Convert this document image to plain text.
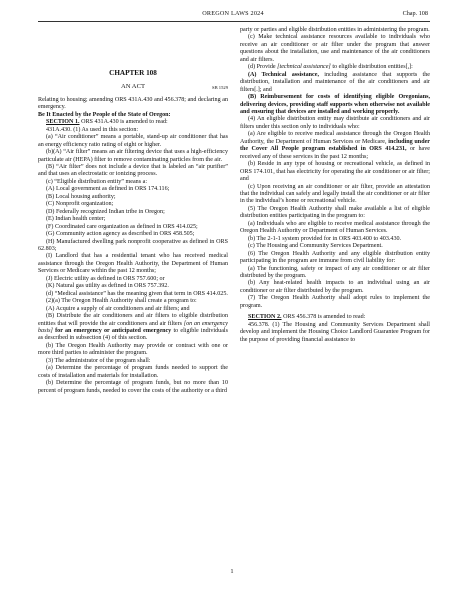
OREGON LAWS 2024	Chap. 108
CHAPTER 108
AN ACT	SB 1529

Relating to housing; amending ORS 431A.430 and 456.378; and declaring an emergency.

Be It Enacted by the People of the State of Oregon:

SECTION 1. ORS 431A.430 is amended to read:

431A.430. (1) As used in this section:

(a) “Air conditioner” means a portable, stand-up air conditioner that has an energy efficiency ratio rating of eight or higher.

(b)(A) “Air filter” means an air filtering device that uses a high-efficiency particulate air (HEPA) filter to remove contaminating particles from the air.

(B) “Air filter” does not include a device that is labeled an “air purifier” and that uses an electrostatic or ionizing process.

(c) “Eligible distribution entity” means a:

(A) Local government as defined in ORS 174.116;

(B) Local housing authority;

(C) Nonprofit organization;

(D) Federally recognized Indian tribe in Oregon;

(E) Indian health center;

(F) Coordinated care organization as defined in ORS 414.025;

(G) Community action agency as described in ORS 458.505;

(H) Manufactured dwelling park nonprofit cooperative as defined in ORS 62.803;

(I) Landlord that has a residential tenant who has received medical assistance through the Oregon Health Authority, the Department of Human Services or Medicare within the past 12 months;

(J) Electric utility as defined in ORS 757.600; or

(K) Natural gas utility as defined in ORS 757.392.

(d) “Medical assistance” has the meaning given that term in ORS 414.025.

(2)(a) The Oregon Health Authority shall create a program to:

(A) Acquire a supply of air conditioners and air filters; and

(B) Distribute the air conditioners and air filters to eligible distribution entities that will provide the air conditioners and air filters [on an emergency basis] for an emergency or anticipated emergency to eligible individuals as described in subsection (4) of this section.

(b) The Oregon Health Authority may provide or contract with one or more third parties to administer the program.

(3) The administrator of the program shall:

(a) Determine the percentage of program funds needed to support the costs of installation and materials for installation.

(b) Determine the percentage of program funds, but no more than 10 percent of program funds, needed to cover the costs of the authority or a third

party or parties and eligible distribution entities in administering the program.

(c) Make technical assistance resources available to individuals who receive an air conditioner or air filter under the program that answer questions about the installation, use and maintenance of the air conditioners and air filters.

(d) Provide [technical assistance] to eligible distribution entities[,]:

(A) Technical assistance, including assistance that supports the distribution, installation and maintenance of the air conditioners and air filters[.]; and

(B) Reimbursement for costs of identifying eligible Oregonians, delivering devices, providing staff supports when otherwise not available and ensuring that devices are installed and working properly.

(4) An eligible distribution entity may distribute air conditioners and air filters under this section only to individuals who:

(a) Are eligible to receive medical assistance through the Oregon Health Authority, the Department of Human Services or Medicare, including under the Cover All People program established in ORS 414.231, or have received any of these services in the past 12 months;

(b) Reside in any type of housing or recreational vehicle, as defined in ORS 174.101, that has electricity for operating the air conditioner or air filter; and

(c) Upon receiving an air conditioner or air filter, provide an attestation that the individual can safely and legally install the air conditioner or air filter in the individual’s home or recreational vehicle.

(5) The Oregon Health Authority shall make available a list of eligible distribution entities participating in the program to:

(a) Individuals who are eligible to receive medical assistance through the Oregon Health Authority or Department of Human Services.

(b) The 2-1-1 system provided for in ORS 403.400 to 403.430.

(c) The Housing and Community Services Department.

(6) The Oregon Health Authority and any eligible distribution entity participating in the program are immune from civil liability for:

(a) The functioning, safety or impact of any air conditioner or air filter distributed by the program.

(b) Any heat-related health impacts to an individual using an air conditioner or air filter distributed by the program.

(7) The Oregon Health Authority shall adopt rules to implement the program.

SECTION 2. ORS 456.378 is amended to read:

456.378. (1) The Housing and Community Services Department shall develop and implement the Housing Choice Landlord Guarantee Program for the purpose of providing financial assistance to

1
